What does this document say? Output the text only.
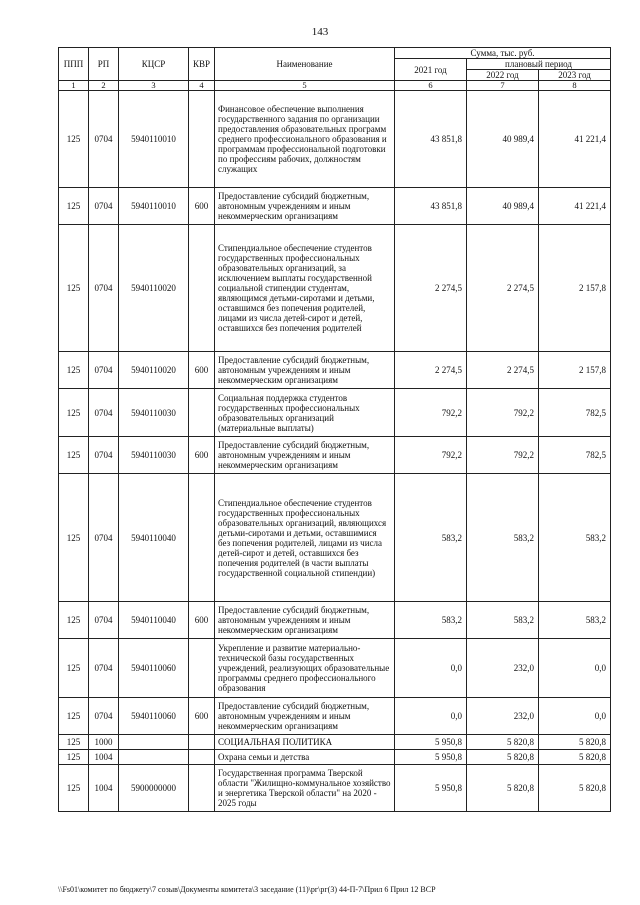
143
ППП	РП	КЦСР	КВР	Наименование	Сумма, тыс. руб.		
					2021 год	плановый период	
						2022 год	2023 год
1	2	3	4	5	6	7	8
125	0704	5940110010		Финансовое обеспечение выполнения государственного задания по организации предоставления образовательных программ среднего профессионального образования и программам профессиональной подготовки по профессиям рабочих, должностям служащих	43 851,8	40 989,4	41 221,4
125	0704	5940110010	600	Предоставление субсидий бюджетным, автономным учреждениям и иным некоммерческим организациям	43 851,8	40 989,4	41 221,4
125	0704	5940110020		Стипендиальное обеспечение студентов государственных профессиональных образовательных организаций, за исключением выплаты государственной социальной стипендии студентам, являющимся детьми-сиротами и детьми, оставшимся без попечения родителей, лицами из числа детей-сирот и детей, оставшихся без попечения родителей	2 274,5	2 274,5	2 157,8
125	0704	5940110020	600	Предоставление субсидий бюджетным, автономным учреждениям и иным некоммерческим организациям	2 274,5	2 274,5	2 157,8
125	0704	5940110030		Социальная поддержка студентов государственных профессиональных образовательных организаций (материальные выплаты)	792,2	792,2	782,5
125	0704	5940110030	600	Предоставление субсидий бюджетным, автономным учреждениям и иным некоммерческим организациям	792,2	792,2	782,5
125	0704	5940110040		Стипендиальное обеспечение студентов государственных профессиональных образовательных организаций, являющихся детьми-сиротами и детьми, оставшимися без попечения родителей, лицами из числа детей-сирот и детей, оставшихся без попечения родителей (в части выплаты государственной социальной стипендии)	583,2	583,2	583,2
125	0704	5940110040	600	Предоставление субсидий бюджетным, автономным учреждениям и иным некоммерческим организациям	583,2	583,2	583,2
125	0704	5940110060		Укрепление и развитие материально-технической базы государственных учреждений, реализующих образовательные программы среднего профессионального образования	0,0	232,0	0,0
125	0704	5940110060	600	Предоставление субсидий бюджетным, автономным учреждениям и иным некоммерческим организациям	0,0	232,0	0,0
125	1000			СОЦИАЛЬНАЯ ПОЛИТИКА	5 950,8	5 820,8	5 820,8
125	1004			Охрана семьи и детства	5 950,8	5 820,8	5 820,8
125	1004	5900000000		Государственная программа Тверской области "Жилищно-коммунальное хозяйство и энергетика Тверской области" на 2020 - 2025 годы	5 950,8	5 820,8	5 820,8
\\Fs01\комитет по бюджету\7 созыв\Документы комитета\3 заседание (11)\рг\рг(3) 44-П-7\Прил 6 Прил 12 ВСР
